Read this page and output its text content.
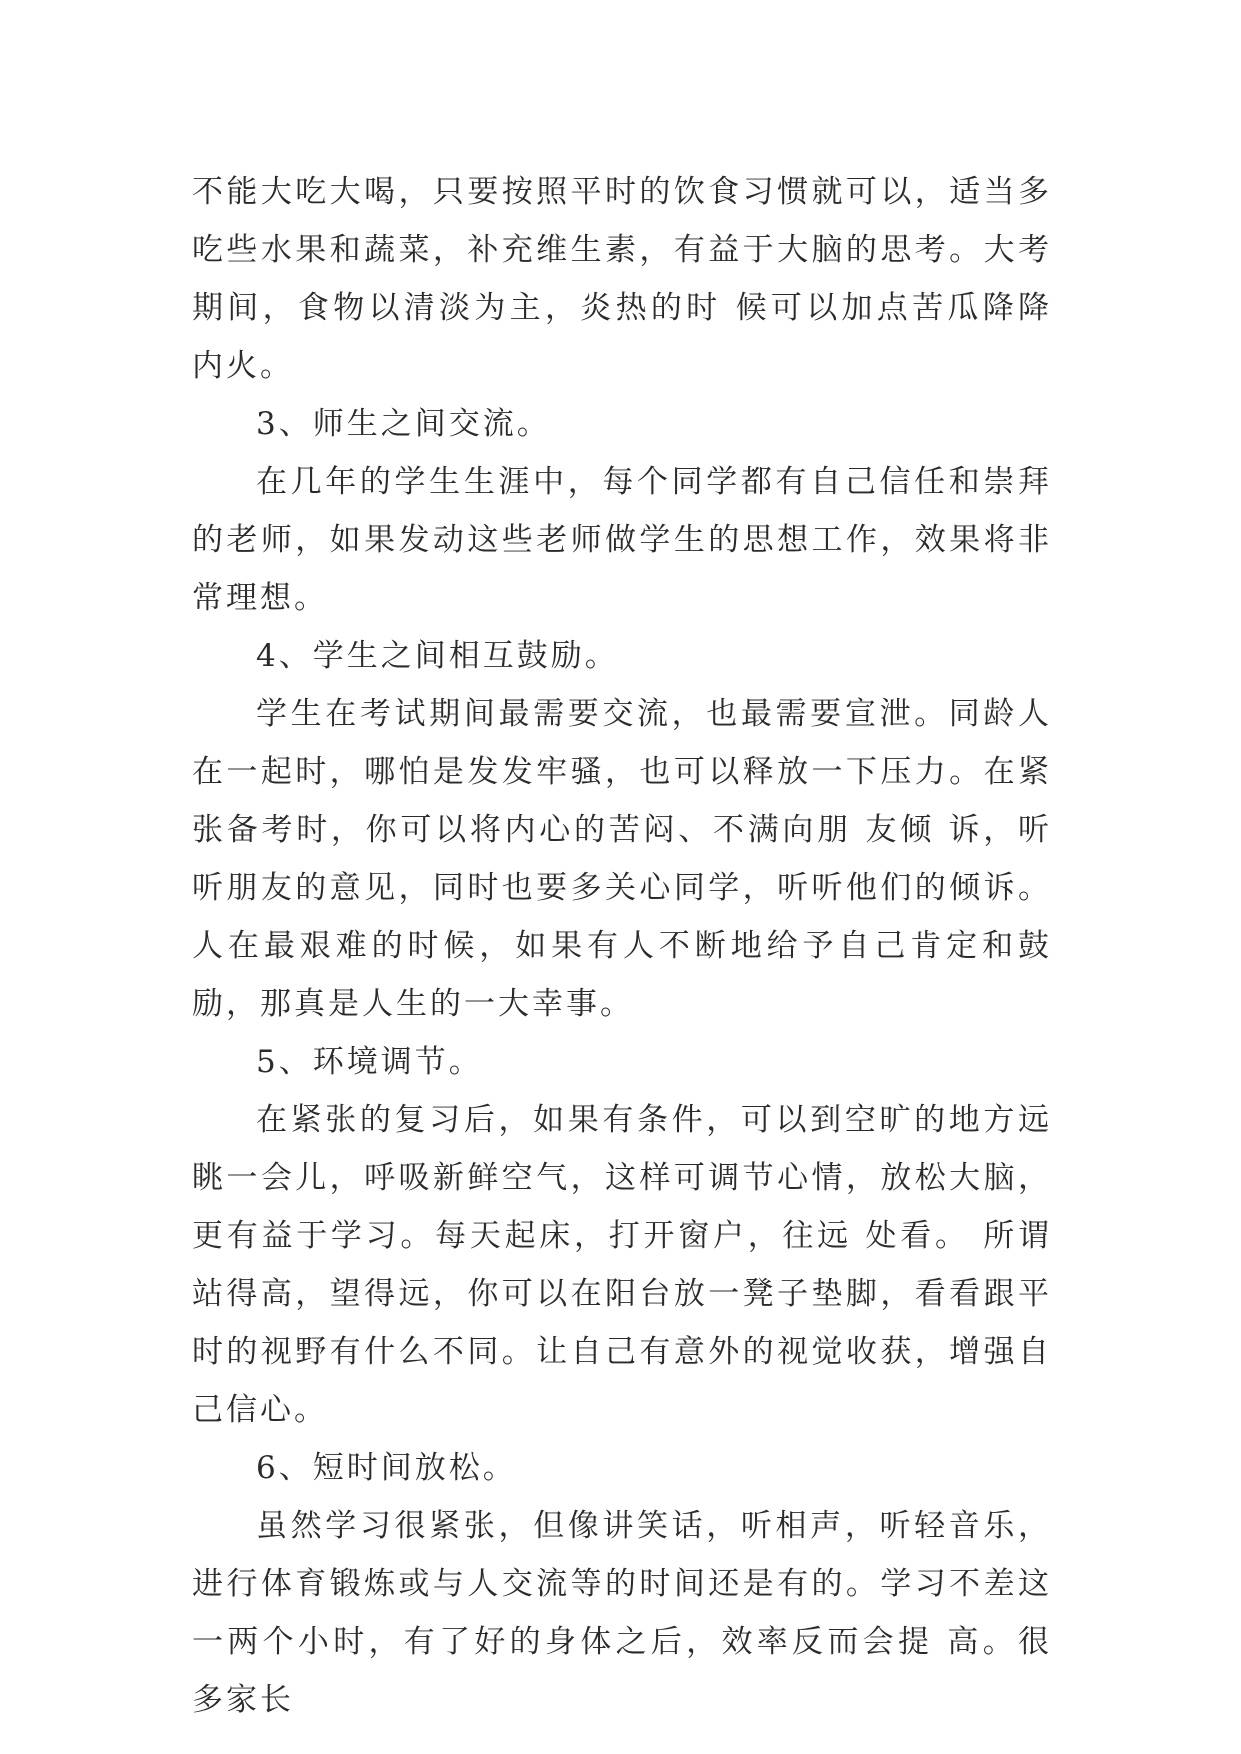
不能大吃大喝，只要按照平时的饮食习惯就可以，适当多吃些水果和蔬菜，补充维生素，有益于大脑的思考。大考期间，食物以清淡为主，炎热的时 候可以加点苦瓜降降内火。

3、师生之间交流。

在几年的学生生涯中，每个同学都有自己信任和崇拜的老师，如果发动这些老师做学生的思想工作，效果将非常理想。

4、学生之间相互鼓励。

学生在考试期间最需要交流，也最需要宣泄。同龄人在一起时，哪怕是发发牢骚，也可以释放一下压力。在紧张备考时，你可以将内心的苦闷、不满向朋 友倾 诉，听听朋友的意见，同时也要多关心同学，听听他们的倾诉。人在最艰难的时候，如果有人不断地给予自己肯定和鼓励，那真是人生的一大幸事。

5、环境调节。

在紧张的复习后，如果有条件，可以到空旷的地方远眺一会儿，呼吸新鲜空气，这样可调节心情，放松大脑，更有益于学习。每天起床，打开窗户，往远 处看。 所谓站得高，望得远，你可以在阳台放一凳子垫脚，看看跟平时的视野有什么不同。让自己有意外的视觉收获，增强自己信心。

6、短时间放松。

虽然学习很紧张，但像讲笑话，听相声，听轻音乐，进行体育锻炼或与人交流等的时间还是有的。学习不差这一两个小时，有了好的身体之后，效率反而会提 高。很多家长
